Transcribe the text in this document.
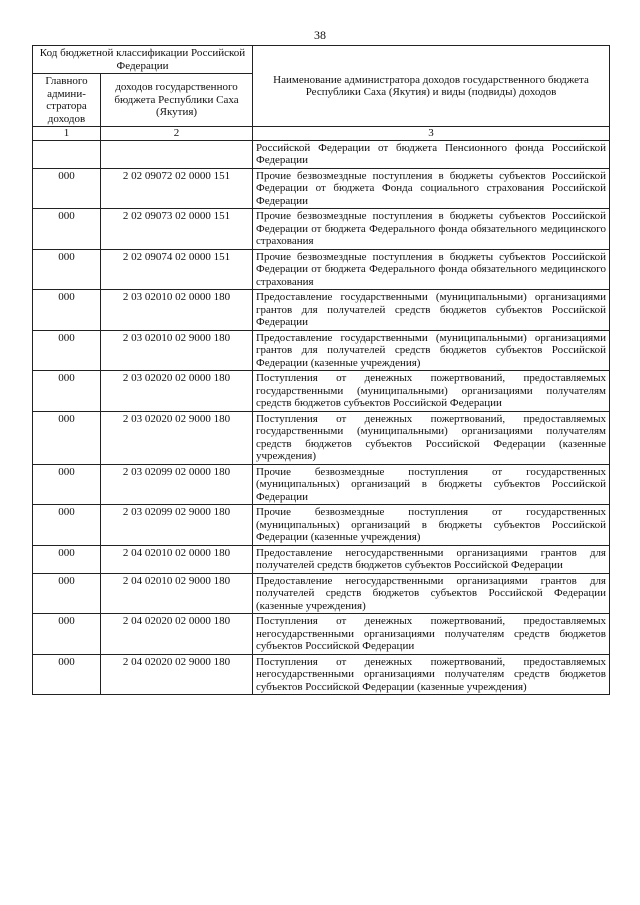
38
Код бюджетной классификации Российской Федерации		Наименование администратора доходов государственного бюджета Республики Саха (Якутия) и виды (подвиды) доходов
Главного админи-стратора доходов	доходов государственного бюджета Республики Саха (Якутия)	
1	2	3
		Российской Федерации от бюджета Пенсионного фонда Российской Федерации
000	2 02 09072 02 0000 151	Прочие безвозмездные поступления в бюджеты субъектов Российской Федерации от бюджета Фонда социального страхования Российской Федерации
000	2 02 09073 02 0000 151	Прочие безвозмездные поступления в бюджеты субъектов Российской Федерации от бюджета Федерального фонда обязательного медицинского страхования
000	2 02 09074 02 0000 151	Прочие безвозмездные поступления в бюджеты субъектов Российской Федерации от бюджета Федерального фонда обязательного медицинского страхования
000	2 03 02010 02 0000 180	Предоставление государственными (муниципальными) организациями грантов для получателей средств бюджетов субъектов Российской Федерации
000	2 03 02010 02 9000 180	Предоставление государственными (муниципальными) организациями грантов для получателей средств бюджетов субъектов Российской Федерации (казенные учреждения)
000	2 03 02020 02 0000 180	Поступления от денежных пожертвований, предоставляемых государственными (муниципальными) организациями получателям средств бюджетов субъектов Российской Федерации
000	2 03 02020 02 9000 180	Поступления от денежных пожертвований, предоставляемых государственными (муниципальными) организациями получателям средств бюджетов субъектов Российской Федерации (казенные учреждения)
000	2 03 02099 02 0000 180	Прочие безвозмездные поступления от государственных (муниципальных) организаций в бюджеты субъектов Российской Федерации
000	2 03 02099 02 9000 180	Прочие безвозмездные поступления от государственных (муниципальных) организаций в бюджеты субъектов Российской Федерации (казенные учреждения)
000	2 04 02010 02 0000 180	Предоставление негосударственными организациями грантов для получателей средств бюджетов субъектов Российской Федерации
000	2 04 02010 02 9000 180	Предоставление негосударственными организациями грантов для получателей средств бюджетов субъектов Российской Федерации (казенные учреждения)
000	2 04 02020 02 0000 180	Поступления от денежных пожертвований, предоставляемых негосударственными организациями получателям средств бюджетов субъектов Российской Федерации
000	2 04 02020 02 9000 180	Поступления от денежных пожертвований, предоставляемых негосударственными организациями получателям средств бюджетов субъектов Российской Федерации (казенные учреждения)
